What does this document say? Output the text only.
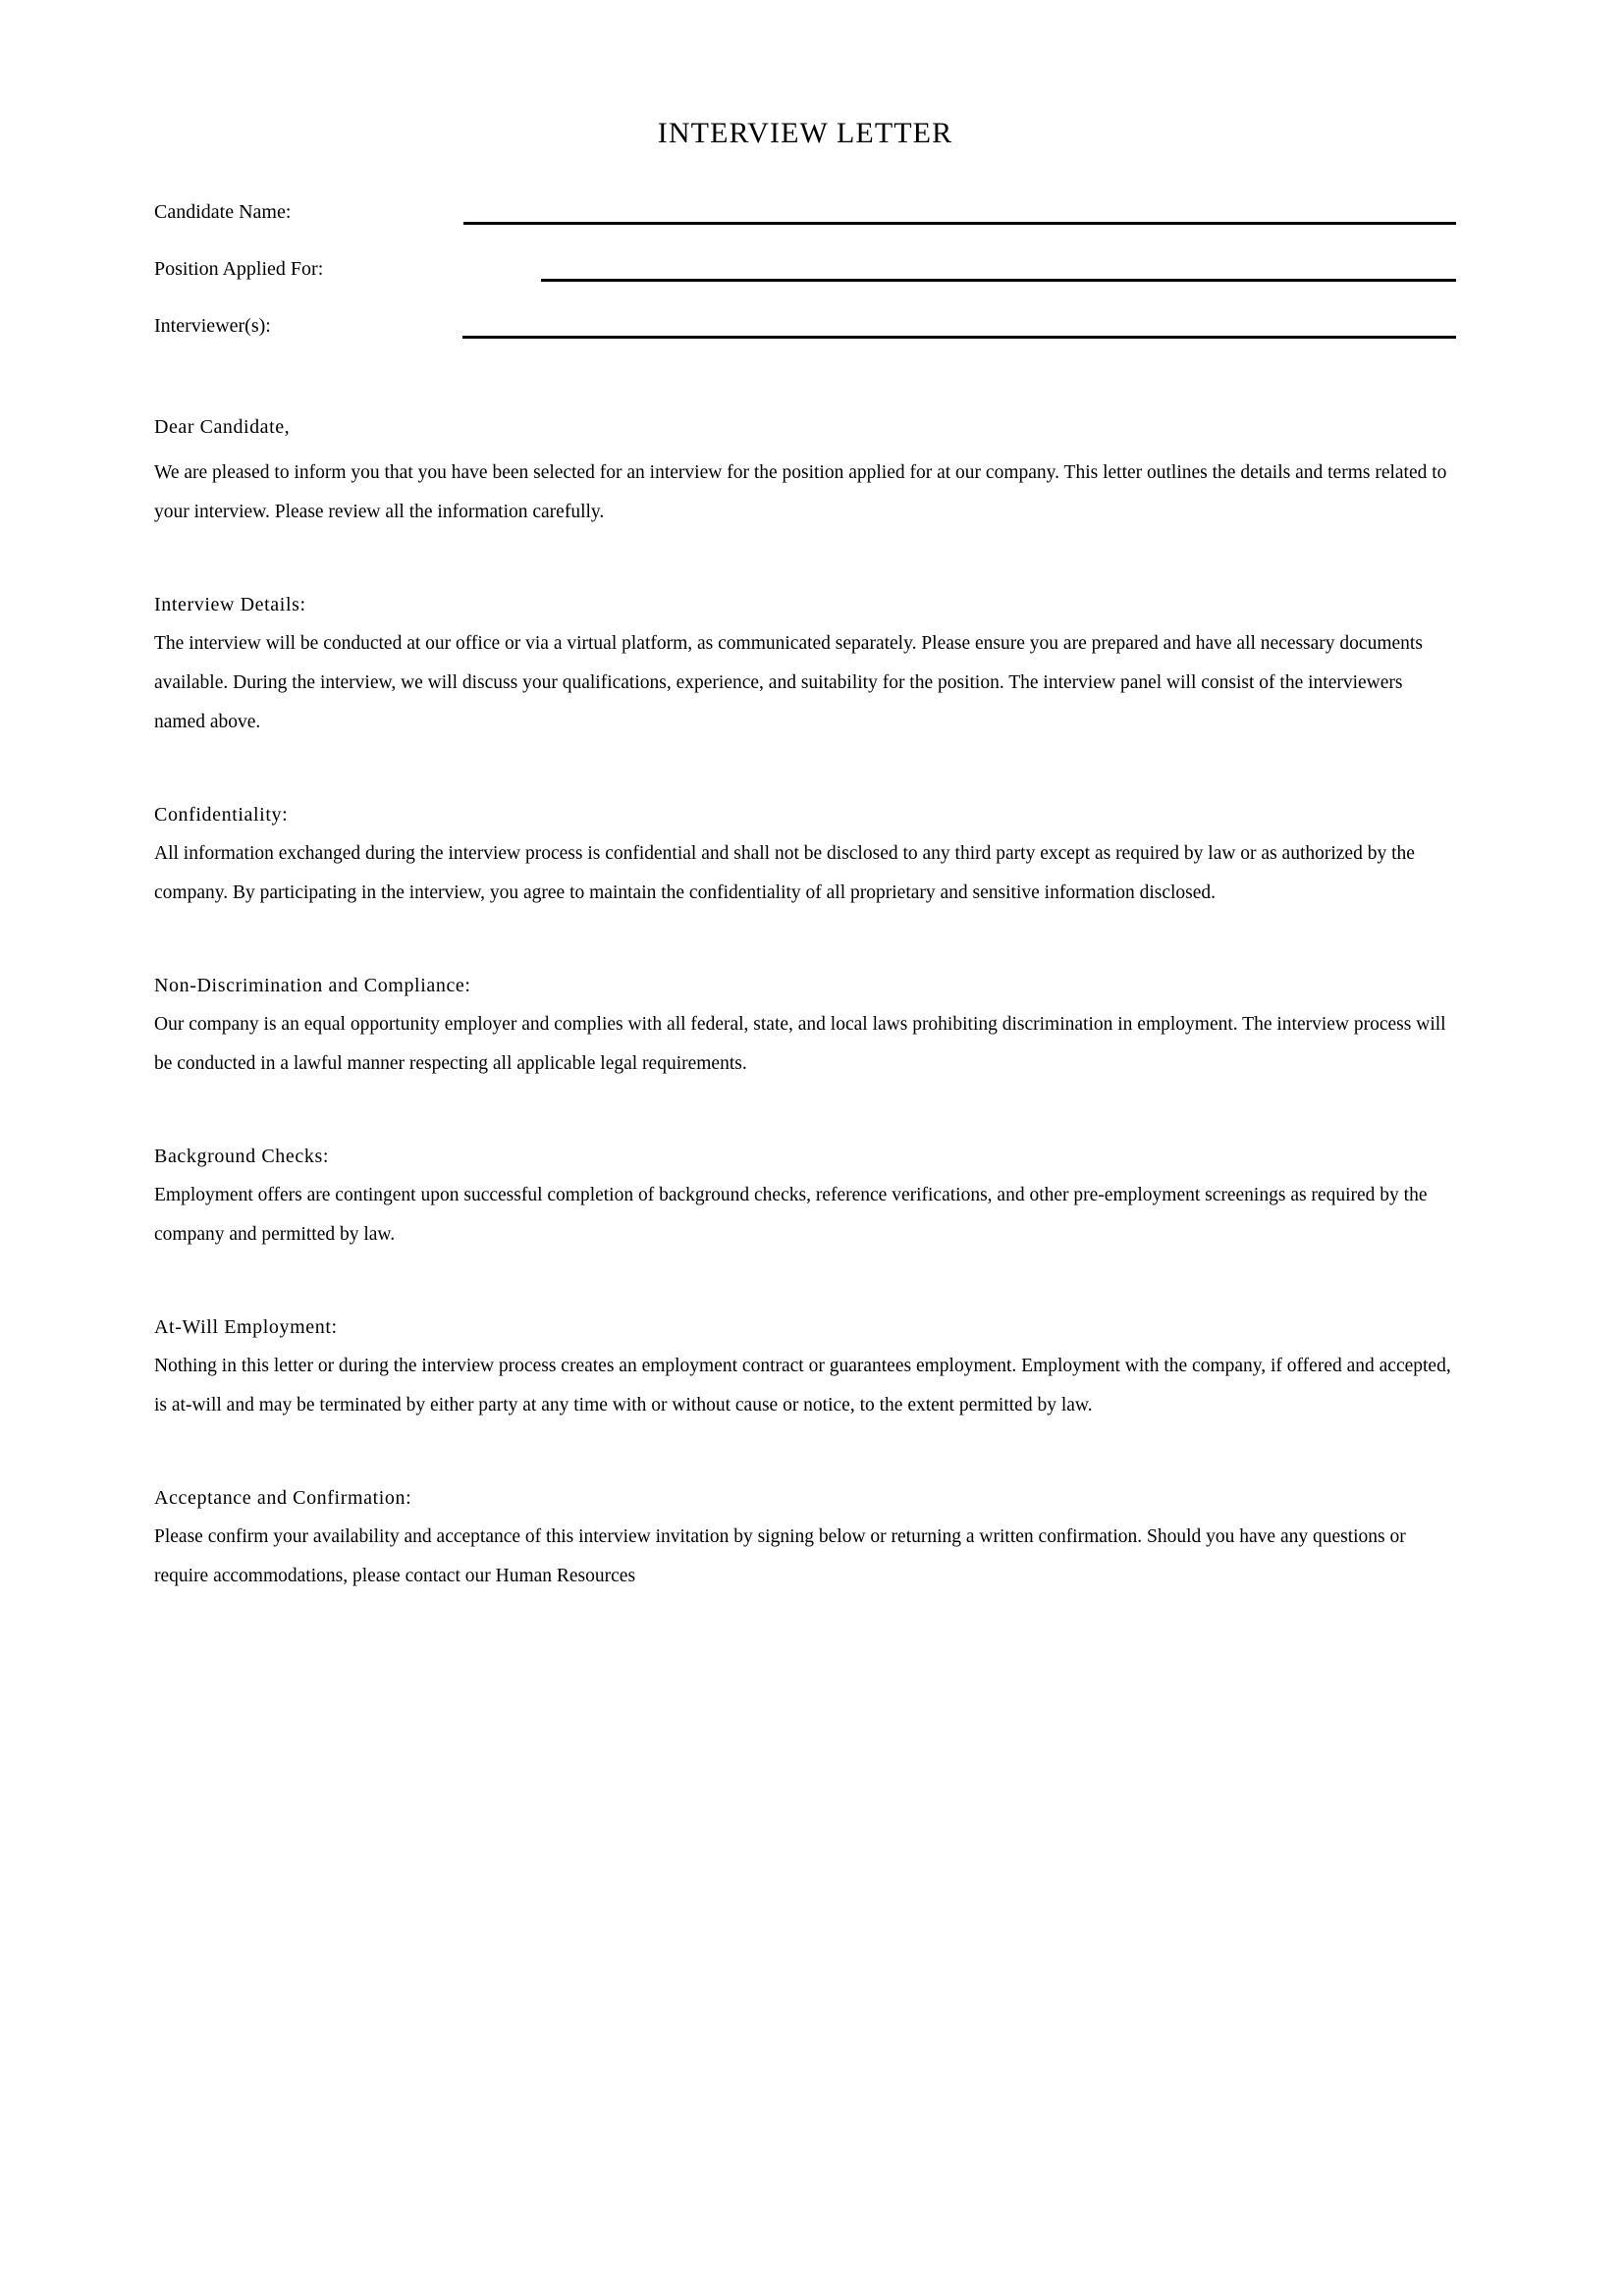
INTERVIEW LETTER
Candidate Name:
Position Applied For:
Interviewer(s):

Dear Candidate,

We are pleased to inform you that you have been selected for an interview for the position applied for at our company. This letter outlines the details and terms related to your interview. Please review all the information carefully.

Interview Details:

The interview will be conducted at our office or via a virtual platform, as communicated separately. Please ensure you are prepared and have all necessary documents available. During the interview, we will discuss your qualifications, experience, and suitability for the position. The interview panel will consist of the interviewers named above.

Confidentiality:

All information exchanged during the interview process is confidential and shall not be disclosed to any third party except as required by law or as authorized by the company. By participating in the interview, you agree to maintain the confidentiality of all proprietary and sensitive information disclosed.

Non-Discrimination and Compliance:

Our company is an equal opportunity employer and complies with all federal, state, and local laws prohibiting discrimination in employment. The interview process will be conducted in a lawful manner respecting all applicable legal requirements.

Background Checks:

Employment offers are contingent upon successful completion of background checks, reference verifications, and other pre-employment screenings as required by the company and permitted by law.

At-Will Employment:

Nothing in this letter or during the interview process creates an employment contract or guarantees employment. Employment with the company, if offered and accepted, is at-will and may be terminated by either party at any time with or without cause or notice, to the extent permitted by law.

Acceptance and Confirmation:

Please confirm your availability and acceptance of this interview invitation by signing below or returning a written confirmation. Should you have any questions or require accommodations, please contact our Human Resources
